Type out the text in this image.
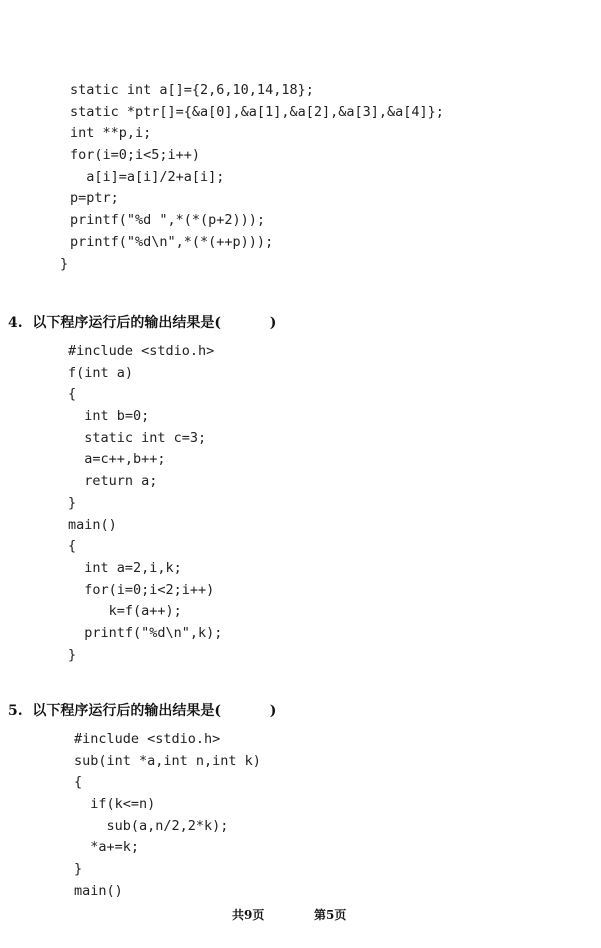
static int a[]={2,6,10,14,18};
static *ptr[]={&a[0],&a[1],&a[2],&a[3],&a[4]};
int **p,i;
for(i=0;i<5;i++)
a[i]=a[i]/2+a[i];
p=ptr;
printf("%d ",*(*(p+2)));
printf("%d\n",*(*(++p)));
}
4.  以下程序运行后的输出结果是(          )
#include <stdio.h>
f(int a)
{
int b=0;
static int c=3;
a=c++,b++;
return a;
}
main()
{
int a=2,i,k;
for(i=0;i<2;i++)
k=f(a++);
printf("%d\n",k);
}
5.  以下程序运行后的输出结果是(          )
#include <stdio.h>
sub(int *a,int n,int k)
{
if(k<=n)
sub(a,n/2,2*k);
*a+=k;
}
main()
共9页	第5页
